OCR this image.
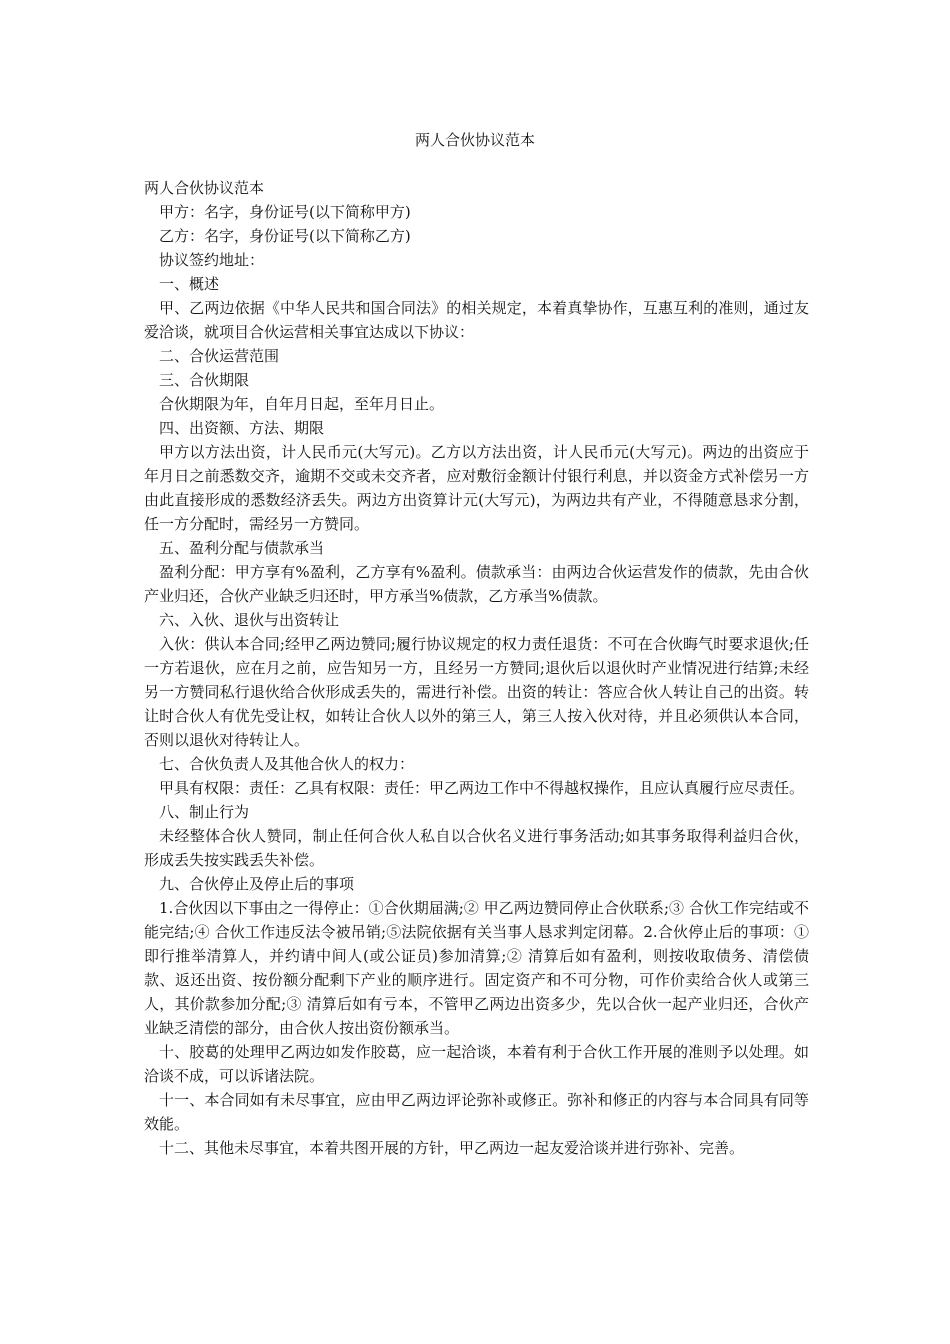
两人合伙协议范本

两人合伙协议范本

甲方：名字，身份证号(以下简称甲方)

乙方：名字，身份证号(以下简称乙方)

协议签约地址：

一、概述

甲、乙两边依据《中华人民共和国合同法》的相关规定，本着真挚协作，互惠互利的准则，通过友爱洽谈，就项目合伙运营相关事宜达成以下协议：

二、合伙运营范围

三、合伙期限

合伙期限为年，自年月日起，至年月日止。

四、出资额、方法、期限

甲方以方法出资，计人民币元(大写元)。乙方以方法出资，计人民币元(大写元)。两边的出资应于年月日之前悉数交齐，逾期不交或未交齐者，应对敷衍金额计付银行利息，并以资金方式补偿另一方由此直接形成的悉数经济丢失。两边方出资算计元(大写元)，为两边共有产业，不得随意恳求分割，任一方分配时，需经另一方赞同。

五、盈利分配与债款承当

盈利分配：甲方享有%盈利，乙方享有%盈利。债款承当：由两边合伙运营发作的债款，先由合伙产业归还，合伙产业缺乏归还时，甲方承当%债款，乙方承当%债款。

六、入伙、退伙与出资转让

入伙：供认本合同;经甲乙两边赞同;履行协议规定的权力责任退货：不可在合伙晦气时要求退伙;任一方若退伙，应在月之前，应告知另一方，且经另一方赞同;退伙后以退伙时产业情况进行结算;未经另一方赞同私行退伙给合伙形成丢失的，需进行补偿。出资的转让：答应合伙人转让自己的出资。转让时合伙人有优先受让权，如转让合伙人以外的第三人，第三人按入伙对待，并且必须供认本合同，否则以退伙对待转让人。

七、合伙负责人及其他合伙人的权力：

甲具有权限：责任：乙具有权限：责任：甲乙两边工作中不得越权操作，且应认真履行应尽责任。

八、制止行为

未经整体合伙人赞同，制止任何合伙人私自以合伙名义进行事务活动;如其事务取得利益归合伙，形成丢失按实践丢失补偿。

九、合伙停止及停止后的事项

1.合伙因以下事由之一得停止：①合伙期届满;② 甲乙两边赞同停止合伙联系;③ 合伙工作完结或不能完结;④ 合伙工作违反法令被吊销;⑤法院依据有关当事人恳求判定闭幕。2.合伙停止后的事项：①即行推举清算人，并约请中间人(或公证员)参加清算;② 清算后如有盈利，则按收取债务、清偿债款、返还出资、按份额分配剩下产业的顺序进行。固定资产和不可分物，可作价卖给合伙人或第三人，其价款参加分配;③ 清算后如有亏本，不管甲乙两边出资多少，先以合伙一起产业归还，合伙产业缺乏清偿的部分，由合伙人按出资份额承当。

十、胶葛的处理甲乙两边如发作胶葛，应一起洽谈，本着有利于合伙工作开展的准则予以处理。如洽谈不成，可以诉诸法院。

十一、本合同如有未尽事宜，应由甲乙两边评论弥补或修正。弥补和修正的内容与本合同具有同等效能。

十二、其他未尽事宜，本着共图开展的方针，甲乙两边一起友爱洽谈并进行弥补、完善。
